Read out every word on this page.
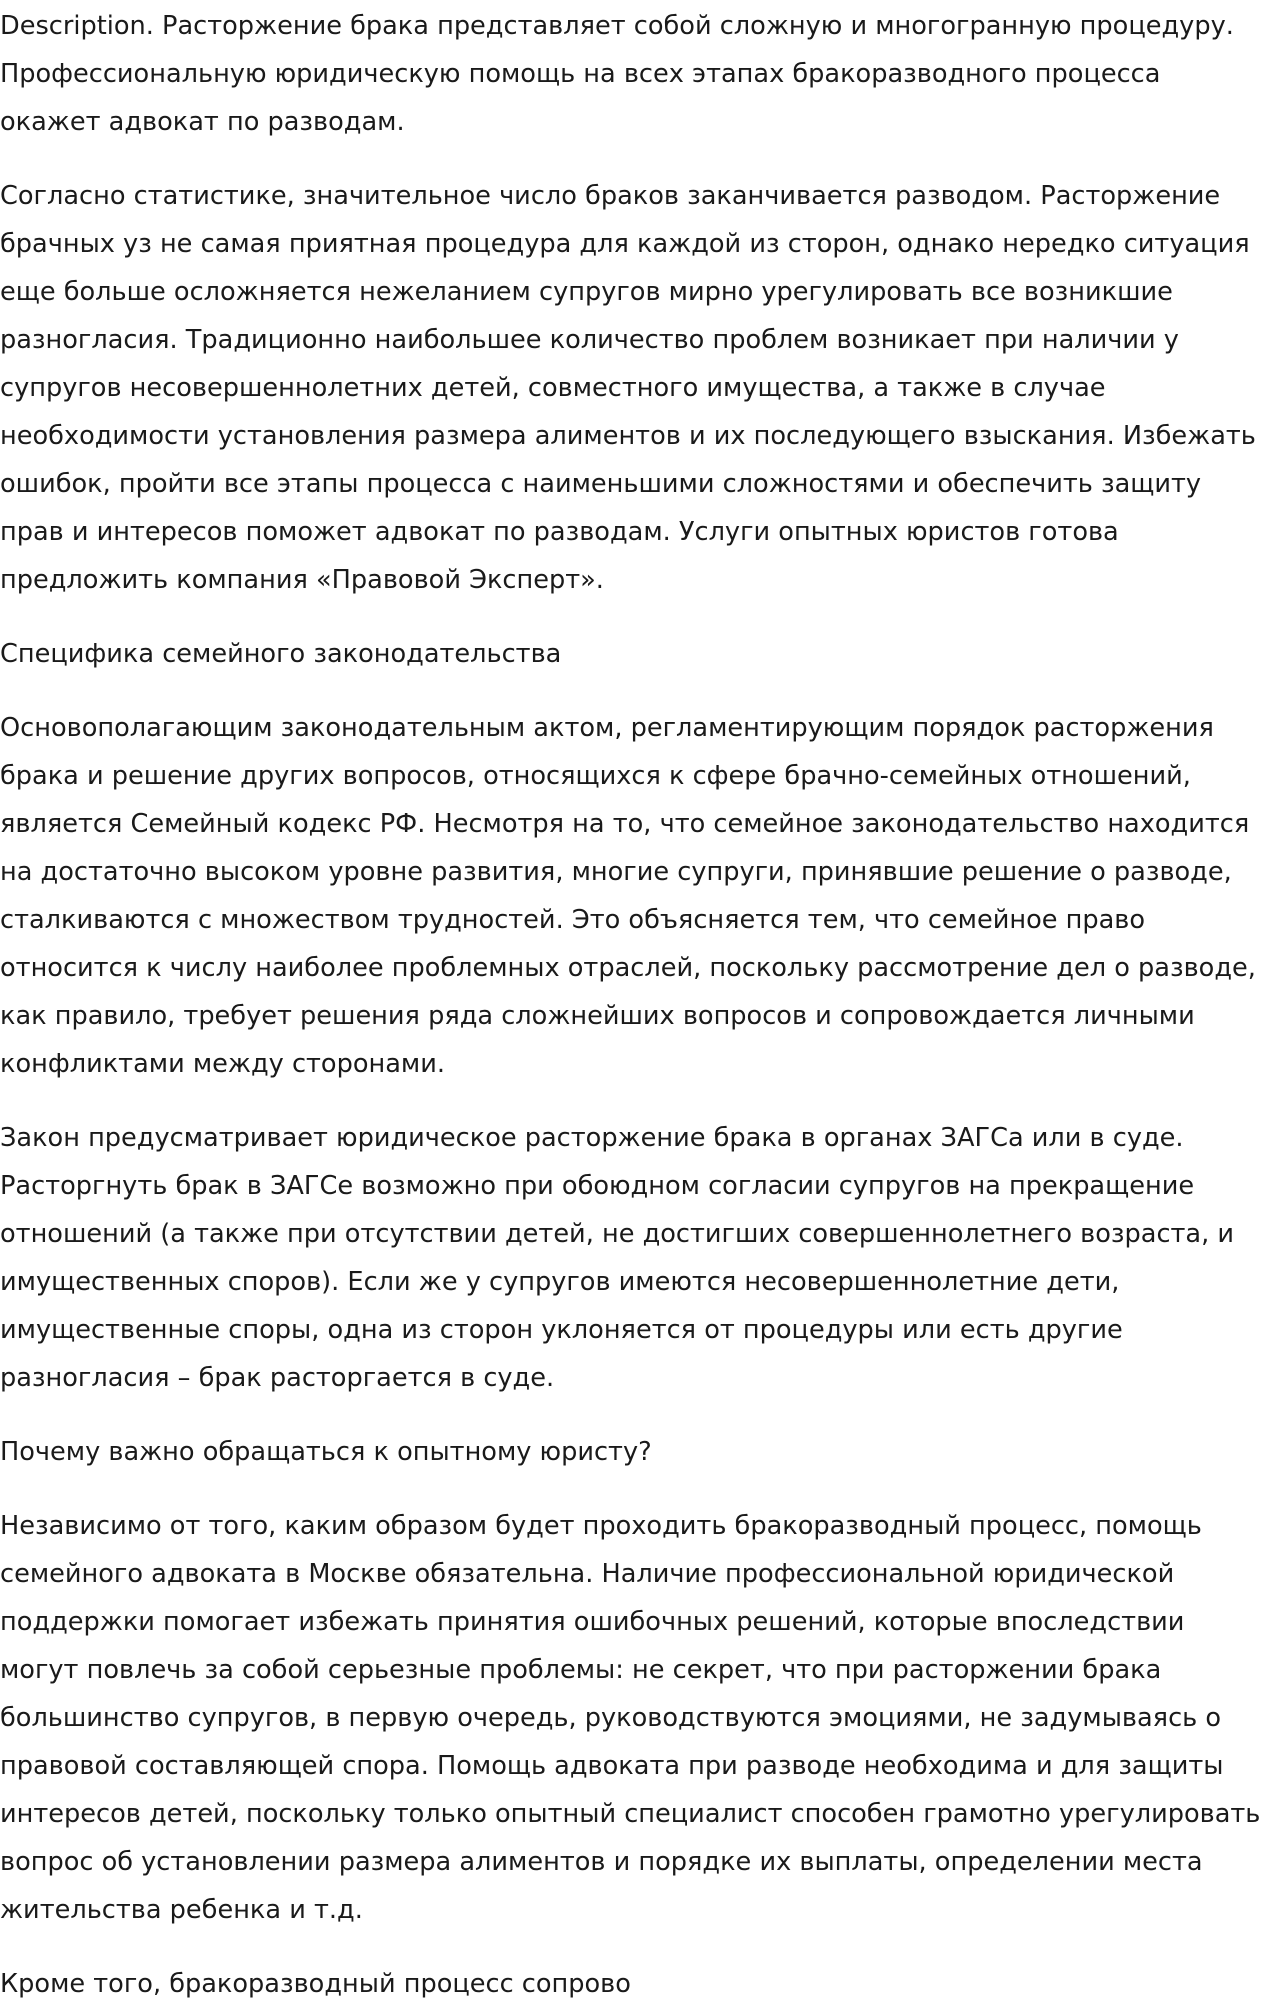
Description. Расторжение брака представляет собой сложную и многогранную процедуру. Профессиональную юридическую помощь на всех этапах бракоразводного процесса окажет адвокат по разводам.

Согласно статистике, значительное число браков заканчивается разводом. Расторжение брачных уз не самая приятная процедура для каждой из сторон, однако нередко ситуация еще больше осложняется нежеланием супругов мирно урегулировать все возникшие разногласия. Традиционно наибольшее количество проблем возникает при наличии у супругов несовершеннолетних детей, совместного имущества, а также в случае необходимости установления размера алиментов и их последующего взыскания. Избежать ошибок, пройти все этапы процесса с наименьшими сложностями и обеспечить защиту прав и интересов поможет адвокат по разводам. Услуги опытных юристов готова предложить компания «Правовой Эксперт».

Специфика семейного законодательства

Основополагающим законодательным актом, регламентирующим порядок расторжения брака и решение других вопросов, относящихся к сфере брачно-семейных отношений, является Семейный кодекс РФ. Несмотря на то, что семейное законодательство находится на достаточно высоком уровне развития, многие супруги, принявшие решение о разводе, сталкиваются с множеством трудностей. Это объясняется тем, что семейное право относится к числу наиболее проблемных отраслей, поскольку рассмотрение дел о разводе, как правило, требует решения ряда сложнейших вопросов и сопровождается личными конфликтами между сторонами.

Закон предусматривает юридическое расторжение брака в органах ЗАГСа или в суде. Расторгнуть брак в ЗАГСе возможно при обоюдном согласии супругов на прекращение отношений (а также при отсутствии детей, не достигших совершеннолетнего возраста, и имущественных споров). Если же у супругов имеются несовершеннолетние дети, имущественные споры, одна из сторон уклоняется от процедуры или есть другие разногласия – брак расторгается в суде.

Почему важно обращаться к опытному юристу?

Независимо от того, каким образом будет проходить бракоразводный процесс, помощь семейного адвоката в Москве обязательна. Наличие профессиональной юридической поддержки помогает избежать принятия ошибочных решений, которые впоследствии могут повлечь за собой серьезные проблемы: не секрет, что при расторжении брака большинство супругов, в первую очередь, руководствуются эмоциями, не задумываясь о правовой составляющей спора. Помощь адвоката при разводе необходима и для защиты интересов детей, поскольку только опытный специалист способен грамотно урегулировать вопрос об установлении размера алиментов и порядке их выплаты, определении места жительства ребенка и т.д.

Кроме того, бракоразводный процесс сопрово
